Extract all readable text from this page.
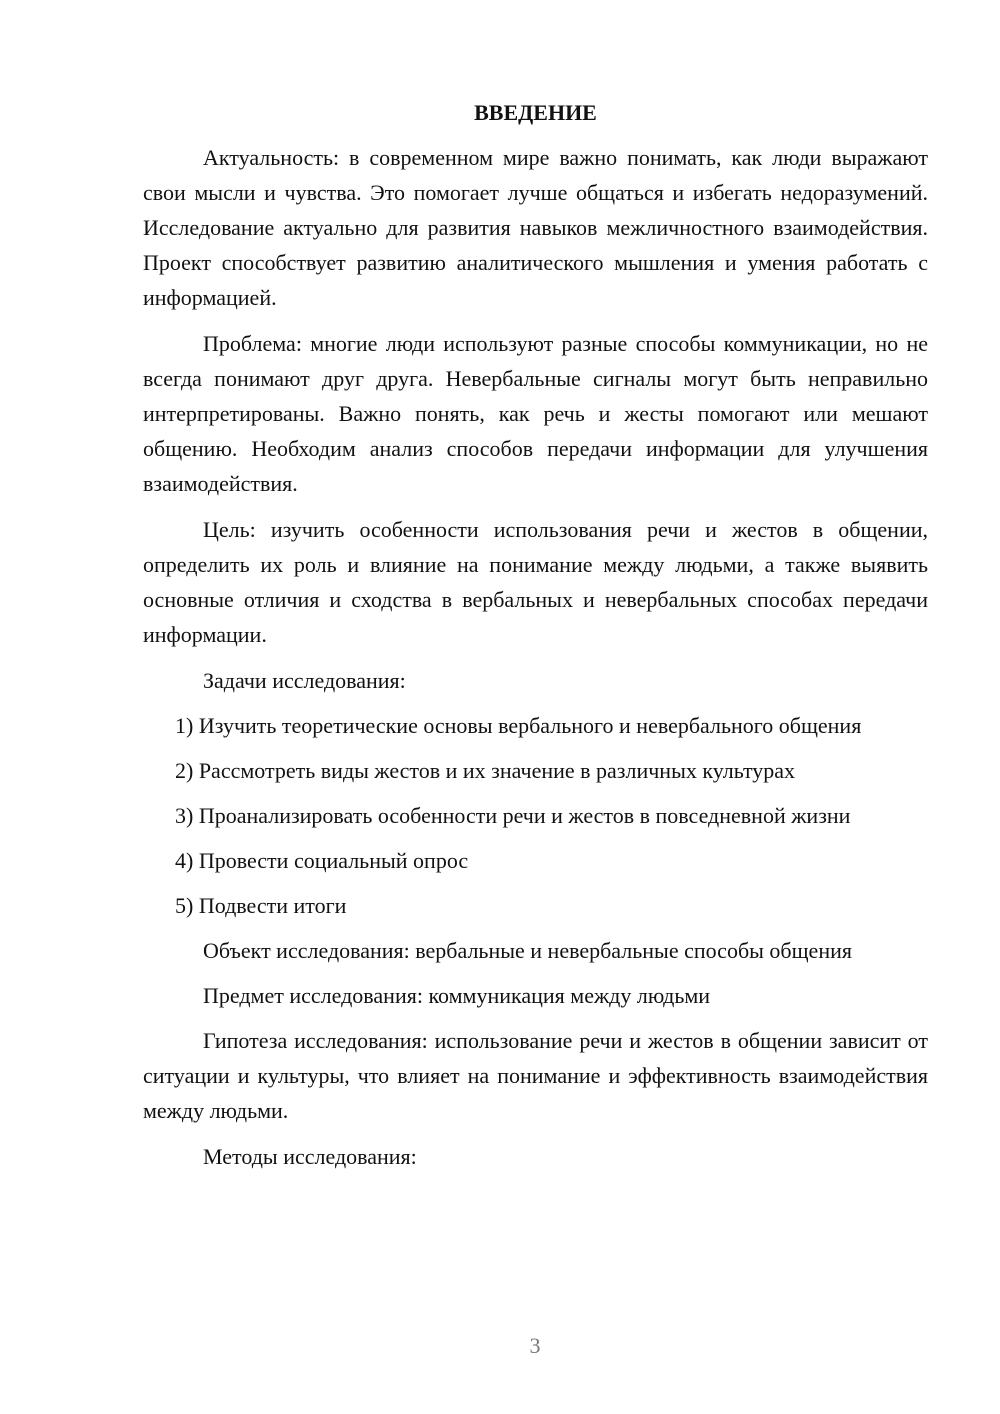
ВВЕДЕНИЕ

Актуальность: в современном мире важно понимать, как люди выражают свои мысли и чувства. Это помогает лучше общаться и избегать недоразумений. Исследование актуально для развития навыков межличностного взаимодействия. Проект способствует развитию аналитического мышления и умения работать с информацией.

Проблема: многие люди используют разные способы коммуникации, но не всегда понимают друг друга. Невербальные сигналы могут быть неправильно интерпретированы. Важно понять, как речь и жесты помогают или мешают общению. Необходим анализ способов передачи информации для улучшения взаимодействия.

Цель: изучить особенности использования речи и жестов в общении, определить их роль и влияние на понимание между людьми, а также выявить основные отличия и сходства в вербальных и невербальных способах передачи информации.

Задачи исследования:

1) Изучить теоретические основы вербального и невербального общения

2) Рассмотреть виды жестов и их значение в различных культурах

3) Проанализировать особенности речи и жестов в повседневной жизни

4) Провести социальный опрос

5) Подвести итоги

Объект исследования: вербальные и невербальные способы общения

Предмет исследования: коммуникация между людьми

Гипотеза исследования: использование речи и жестов в общении зависит от ситуации и культуры, что влияет на понимание и эффективность взаимодействия между людьми.

Методы исследования:

3
